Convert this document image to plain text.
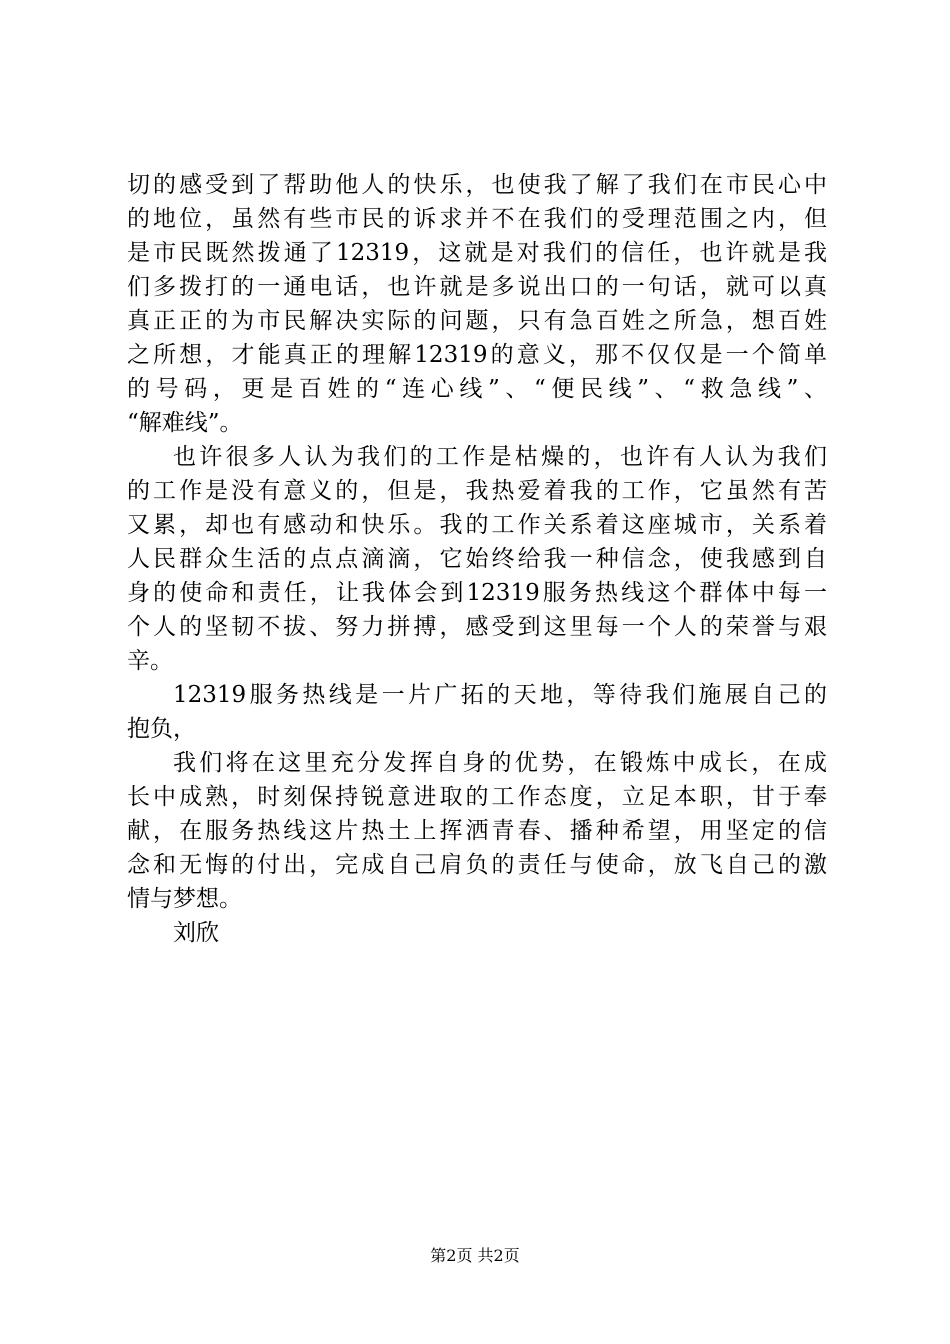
切的感受到了帮助他人的快乐，也使我了解了我们在市民心中
的地位，虽然有些市民的诉求并不在我们的受理范围之内，但
是市民既然拨通了12319，这就是对我们的信任，也许就是我
们多拨打的一通电话，也许就是多说出口的一句话，就可以真
真正正的为市民解决实际的问题，只有急百姓之所急，想百姓
之所想，才能真正的理解12319的意义，那不仅仅是一个简单
的号码，更是百姓的“连心线”、“便民线”、“救急线”、
“解难线”。
也许很多人认为我们的工作是枯燥的，也许有人认为我们
的工作是没有意义的，但是，我热爱着我的工作，它虽然有苦
又累，却也有感动和快乐。我的工作关系着这座城市，关系着
人民群众生活的点点滴滴，它始终给我一种信念，使我感到自
身的使命和责任，让我体会到12319服务热线这个群体中每一
个人的坚韧不拔、努力拼搏，感受到这里每一个人的荣誉与艰
辛。
12319服务热线是一片广拓的天地，等待我们施展自己的
抱负，
我们将在这里充分发挥自身的优势，在锻炼中成长，在成
长中成熟，时刻保持锐意进取的工作态度，立足本职，甘于奉
献，在服务热线这片热土上挥洒青春、播种希望，用坚定的信
念和无悔的付出，完成自己肩负的责任与使命，放飞自己的激
情与梦想。
刘欣
第2页 共2页
